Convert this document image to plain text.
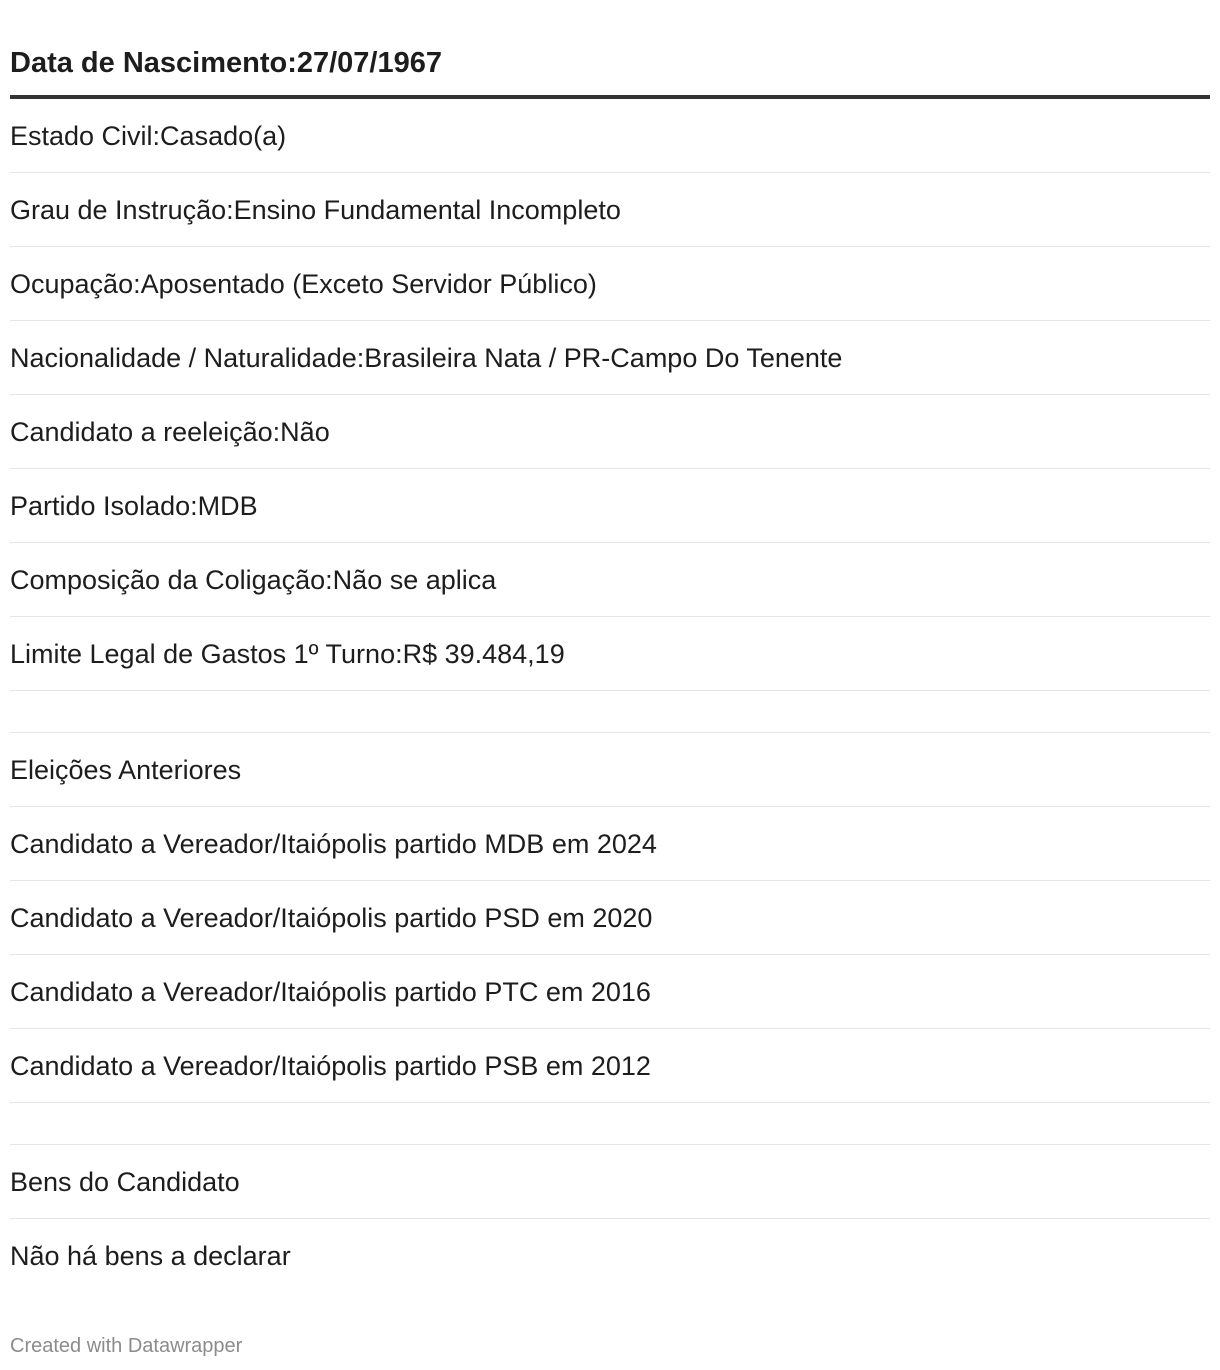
Data de Nascimento:27/07/1967
Estado Civil:Casado(a)
Grau de Instrução:Ensino Fundamental Incompleto
Ocupação:Aposentado (Exceto Servidor Público)
Nacionalidade / Naturalidade:Brasileira Nata / PR-Campo Do Tenente
Candidato a reeleição:Não
Partido Isolado:MDB
Composição da Coligação:Não se aplica
Limite Legal de Gastos 1º Turno:R$ 39.484,19
Eleições Anteriores
Candidato a Vereador/Itaiópolis partido MDB em 2024
Candidato a Vereador/Itaiópolis partido PSD em 2020
Candidato a Vereador/Itaiópolis partido PTC em 2016
Candidato a Vereador/Itaiópolis partido PSB em 2012
Bens do Candidato
Não há bens a declarar
Created with Datawrapper
